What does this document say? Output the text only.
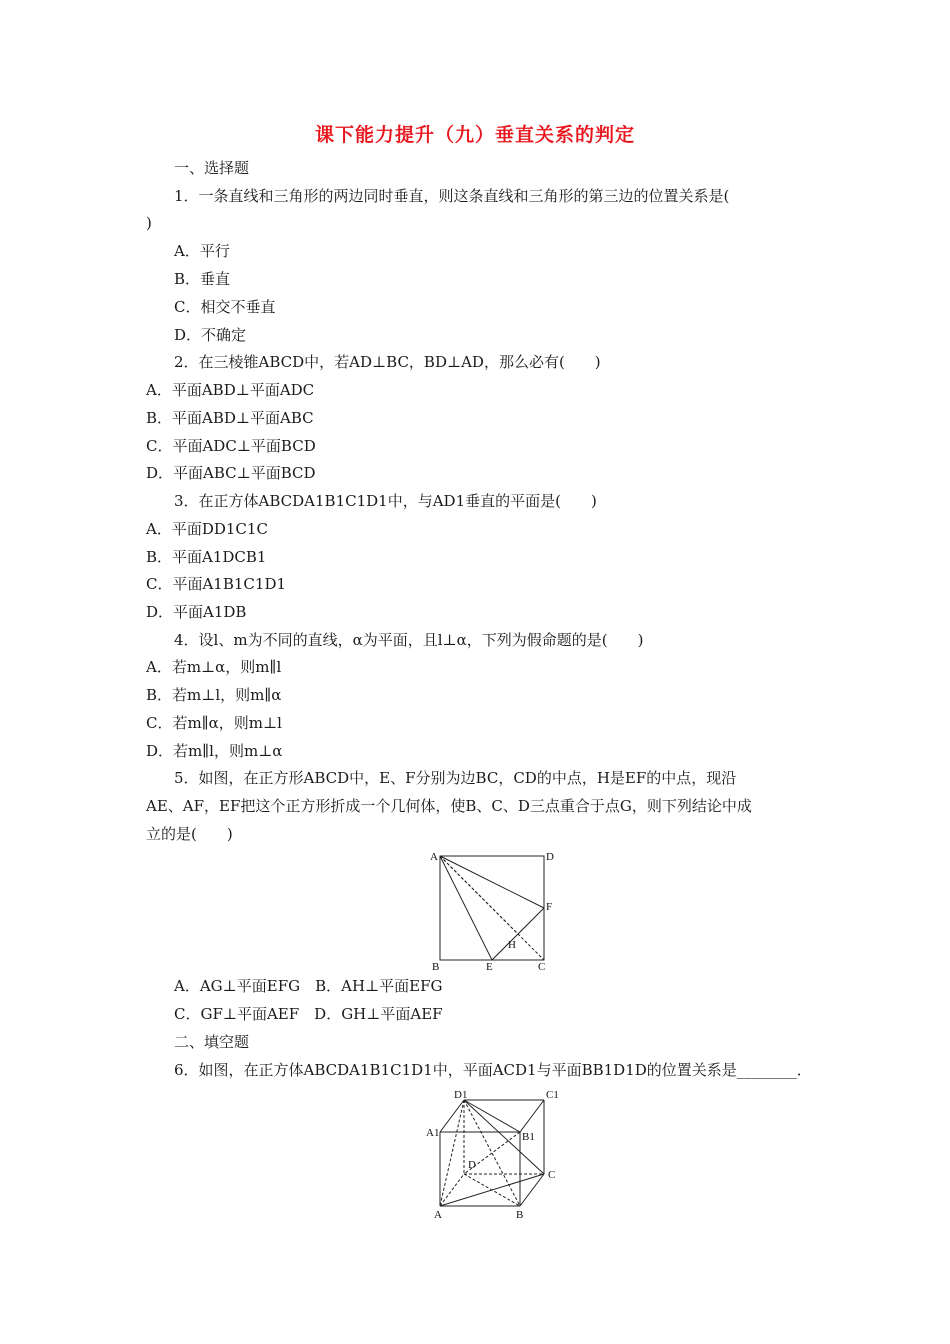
课下能力提升（九）垂直关系的判定
一、选择题
1．一条直线和三角形的两边同时垂直，则这条直线和三角形的第三边的位置关系是(
)
A．平行
B．垂直
C．相交不垂直
D．不确定
2．在三棱锥ABCD中，若AD⊥BC，BD⊥AD，那么必有(　　)
A．平面ABD⊥平面ADC
B．平面ABD⊥平面ABC
C．平面ADC⊥平面BCD
D．平面ABC⊥平面BCD
3．在正方体ABCDA1B1C1D1中，与AD1垂直的平面是(　　)
A．平面DD1C1C
B．平面A1DCB1
C．平面A1B1C1D1
D．平面A1DB
4．设l、m为不同的直线，α为平面，且l⊥α，下列为假命题的是(　　)
A．若m⊥α，则m∥l
B．若m⊥l，则m∥α
C．若m∥α，则m⊥l
D．若m∥l，则m⊥α
5．如图，在正方形ABCD中，E、F分别为边BC，CD的中点，H是EF的中点，现沿
AE、AF，EF把这个正方形折成一个几何体，使B、C、D三点重合于点G，则下列结论中成
立的是(　　)
A	D
F
H
B	E	C
A．AG⊥平面EFG　B．AH⊥平面EFG
C．GF⊥平面AEF　D．GH⊥平面AEF
二、填空题
6．如图，在正方体ABCDA1B1C1D1中，平面ACD1与平面BB1D1D的位置关系是________．
D1	C1
A1	B1
D
C
A	B
